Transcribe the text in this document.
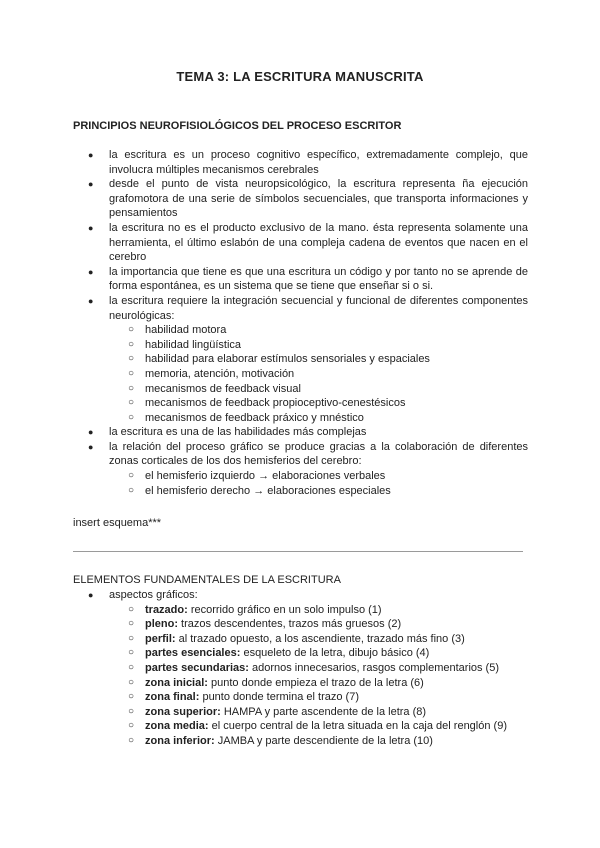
TEMA 3: LA ESCRITURA MANUSCRITA
PRINCIPIOS NEUROFISIOLÓGICOS DEL PROCESO ESCRITOR
● la escritura es un proceso cognitivo específico, extremadamente complejo, que involucra múltiples mecanismos cerebrales
● desde el punto de vista neuropsicológico, la escritura representa ña ejecución grafomotora de una serie de símbolos secuenciales, que transporta informaciones y pensamientos
● la escritura no es el producto exclusivo de la mano. ésta representa solamente una herramienta, el último eslabón de una compleja cadena de eventos que nacen en el cerebro
● la importancia que tiene es que una escritura un código y por tanto no se aprende de forma espontánea, es un sistema que se tiene que enseñar si o si.
● la escritura requiere la integración secuencial y funcional de diferentes componentes neurológicas:
○ habilidad motora
○ habilidad lingüística
○ habilidad para elaborar estímulos sensoriales y espaciales
○ memoria, atención, motivación
○ mecanismos de feedback visual
○ mecanismos de feedback propioceptivo-cenestésicos
○ mecanismos de feedback práxico y mnéstico
● la escritura es una de las habilidades más complejas
● la relación del proceso gráfico se produce gracias a la colaboración de diferentes zonas corticales de los dos hemisferios del cerebro:
○ el hemisferio izquierdo → elaboraciones verbales
○ el hemisferio derecho → elaboraciones especiales
insert esquema***
ELEMENTOS FUNDAMENTALES DE LA ESCRITURA
● aspectos gráficos:
○ trazado: recorrido gráfico en un solo impulso (1)
○ pleno: trazos descendentes, trazos más gruesos (2)
○ perfil: al trazado opuesto, a los ascendiente, trazado más fino (3)
○ partes esenciales: esqueleto de la letra, dibujo básico (4)
○ partes secundarias: adornos innecesarios, rasgos complementarios (5)
○ zona inicial: punto donde empieza el trazo de la letra (6)
○ zona final: punto donde termina el trazo (7)
○ zona superior: HAMPA y parte ascendente de la letra (8)
○ zona media: el cuerpo central de la letra situada en la caja del renglón (9)
○ zona inferior: JAMBA y parte descendiente de la letra (10)
